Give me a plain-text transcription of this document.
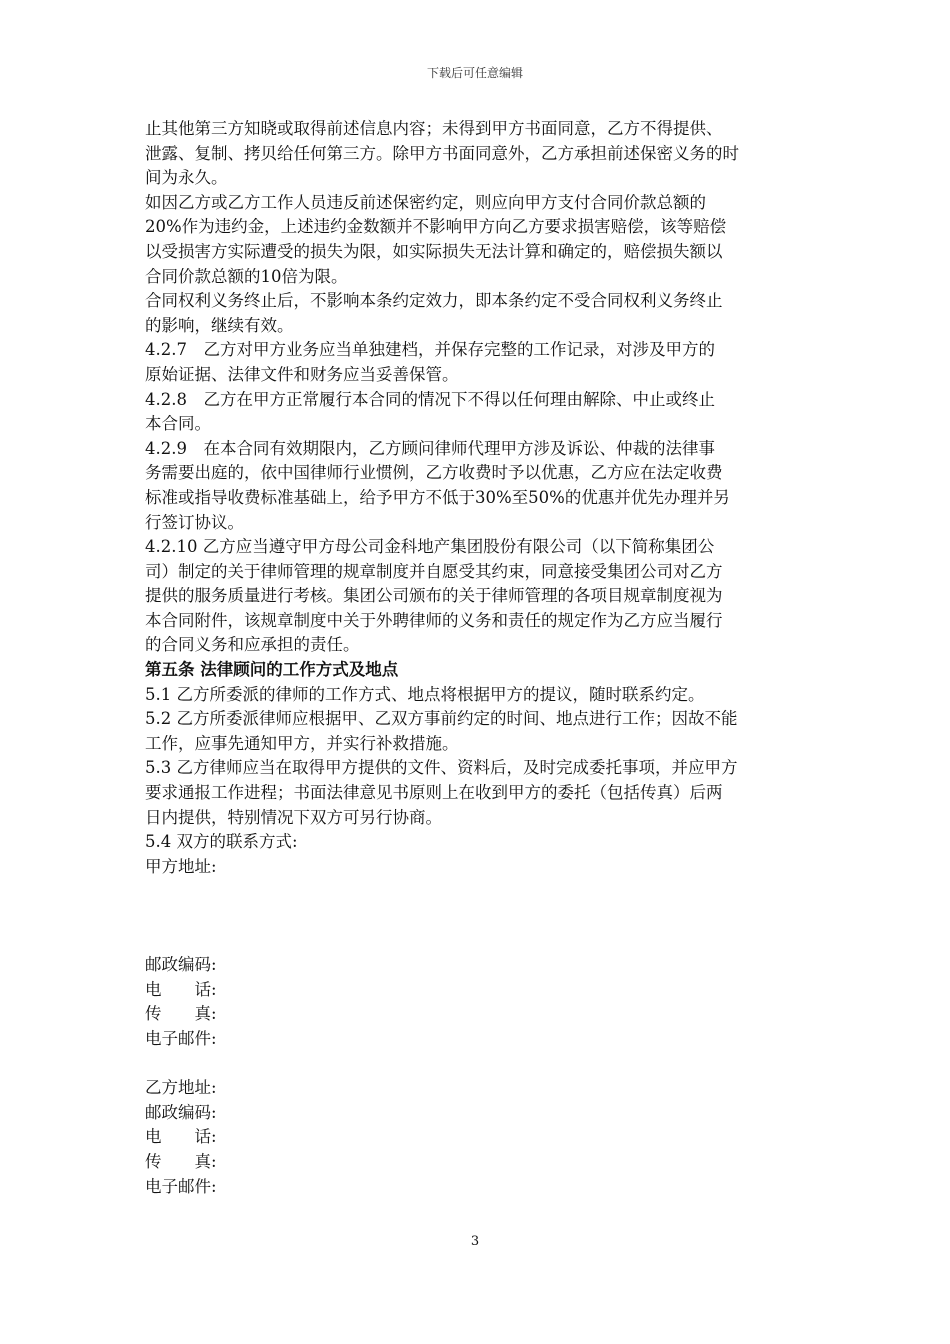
下载后可任意编辑
止其他第三方知晓或取得前述信息内容；未得到甲方书面同意，乙方不得提供、
泄露、复制、拷贝给任何第三方。除甲方书面同意外，乙方承担前述保密义务的时
间为永久。
如因乙方或乙方工作人员违反前述保密约定，则应向甲方支付合同价款总额的
20%作为违约金，上述违约金数额并不影响甲方向乙方要求损害赔偿，该等赔偿
以受损害方实际遭受的损失为限，如实际损失无法计算和确定的，赔偿损失额以
合同价款总额的10倍为限。
合同权利义务终止后，不影响本条约定效力，即本条约定不受合同权利义务终止
的影响，继续有效。
4.2.7　乙方对甲方业务应当单独建档，并保存完整的工作记录，对涉及甲方的
原始证据、法律文件和财务应当妥善保管。
4.2.8　乙方在甲方正常履行本合同的情况下不得以任何理由解除、中止或终止
本合同。
4.2.9　在本合同有效期限内，乙方顾问律师代理甲方涉及诉讼、仲裁的法律事
务需要出庭的，依中国律师行业惯例，乙方收费时予以优惠，乙方应在法定收费
标准或指导收费标准基础上，给予甲方不低于30%至50%的优惠并优先办理并另
行签订协议。
4.2.10 乙方应当遵守甲方母公司金科地产集团股份有限公司（以下简称集团公
司）制定的关于律师管理的规章制度并自愿受其约束，同意接受集团公司对乙方
提供的服务质量进行考核。集团公司颁布的关于律师管理的各项目规章制度视为
本合同附件，该规章制度中关于外聘律师的义务和责任的规定作为乙方应当履行
的合同义务和应承担的责任。
第五条 法律顾问的工作方式及地点
5.1 乙方所委派的律师的工作方式、地点将根据甲方的提议，随时联系约定。
5.2 乙方所委派律师应根据甲、乙双方事前约定的时间、地点进行工作；因故不能
工作，应事先通知甲方，并实行补救措施。
5.3 乙方律师应当在取得甲方提供的文件、资料后，及时完成委托事项，并应甲方
要求通报工作进程；书面法律意见书原则上在收到甲方的委托（包括传真）后两
日内提供，特别情况下双方可另行协商。
5.4 双方的联系方式:
甲方地址:
邮政编码:
电　　话:
传　　真:
电子邮件:
乙方地址:
邮政编码:
电　　话:
传　　真:
电子邮件:
3
